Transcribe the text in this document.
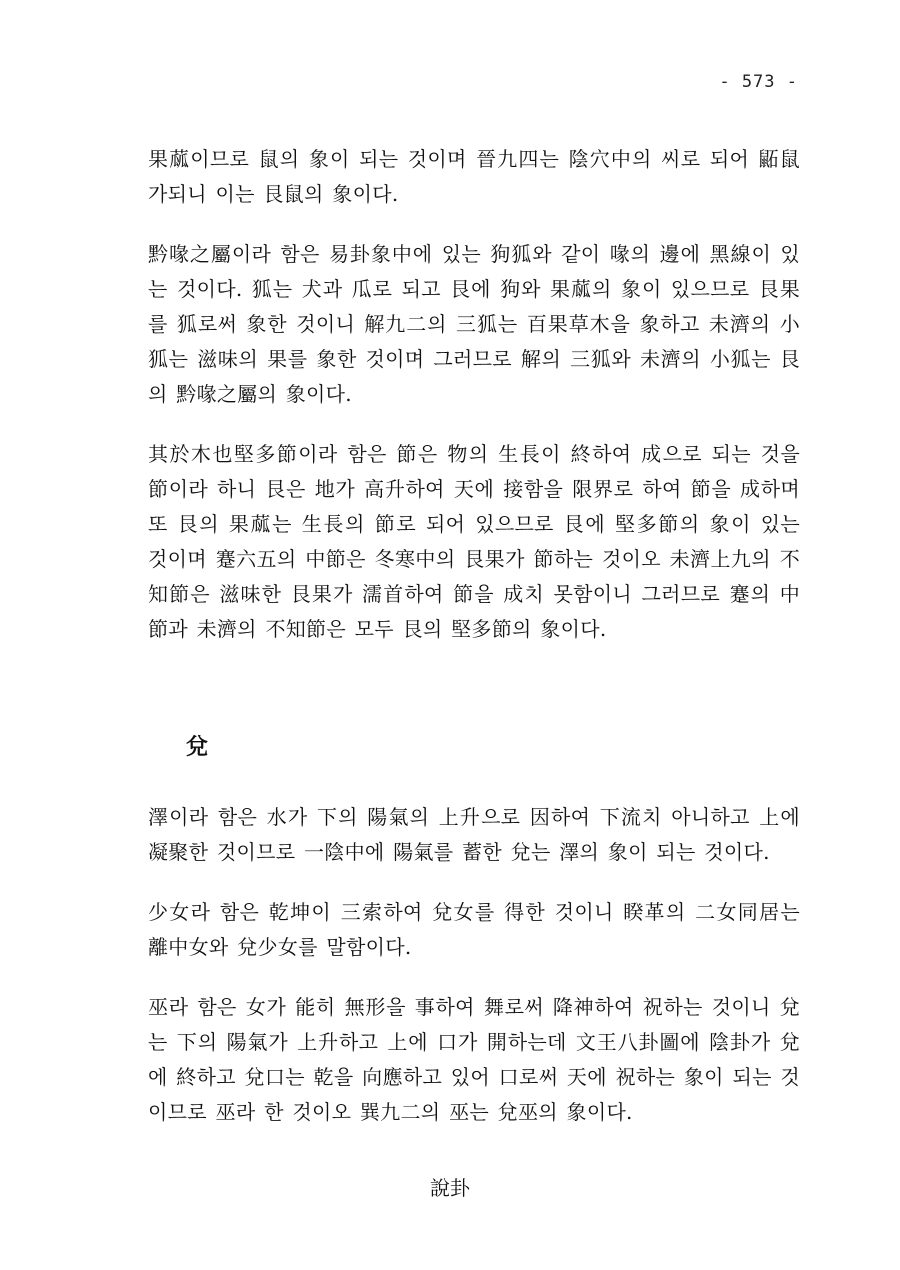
- 573 -

果蓏이므로 鼠의 象이 되는 것이며 晉九四는 陰穴中의 씨로 되어 鼫鼠가되니 이는 艮鼠의 象이다.

黔喙之屬이라 함은 易卦象中에 있는 狗狐와 같이 喙의 邊에 黑線이 있는 것이다. 狐는 犬과 瓜로 되고 艮에 狗와 果蓏의 象이 있으므로 艮果를 狐로써 象한 것이니 解九二의 三狐는 百果草木을 象하고 未濟의 小狐는 滋味의 果를 象한 것이며 그러므로 解의 三狐와 未濟의 小狐는 艮의 黔喙之屬의 象이다.

其於木也堅多節이라 함은 節은 物의 生長이 終하여 成으로 되는 것을 節이라 하니 艮은 地가 高升하여 天에 接함을 限界로 하여 節을 成하며 또 艮의 果蓏는 生長의 節로 되어 있으므로 艮에 堅多節의 象이 있는 것이며 蹇六五의 中節은 冬寒中의 艮果가 節하는 것이오 未濟上九의 不知節은 滋味한 艮果가 濡首하여 節을 成치 못함이니 그러므로 蹇의 中節과 未濟의 不知節은 모두 艮의 堅多節의 象이다.

兌

澤이라 함은 水가 下의 陽氣의 上升으로 因하여 下流치 아니하고 上에 凝聚한 것이므로 一陰中에 陽氣를 蓄한 兌는 澤의 象이 되는 것이다.

少女라 함은 乾坤이 三索하여 兌女를 得한 것이니 睽革의 二女同居는 離中女와 兌少女를 말함이다.

巫라 함은 女가 能히 無形을 事하여 舞로써 降神하여 祝하는 것이니 兌는 下의 陽氣가 上升하고 上에 口가 開하는데 文王八卦圖에 陰卦가 兌에 終하고 兌口는 乾을 向應하고 있어 口로써 天에 祝하는 象이 되는 것이므로 巫라 한 것이오 巽九二의 巫는 兌巫의 象이다.

說卦
